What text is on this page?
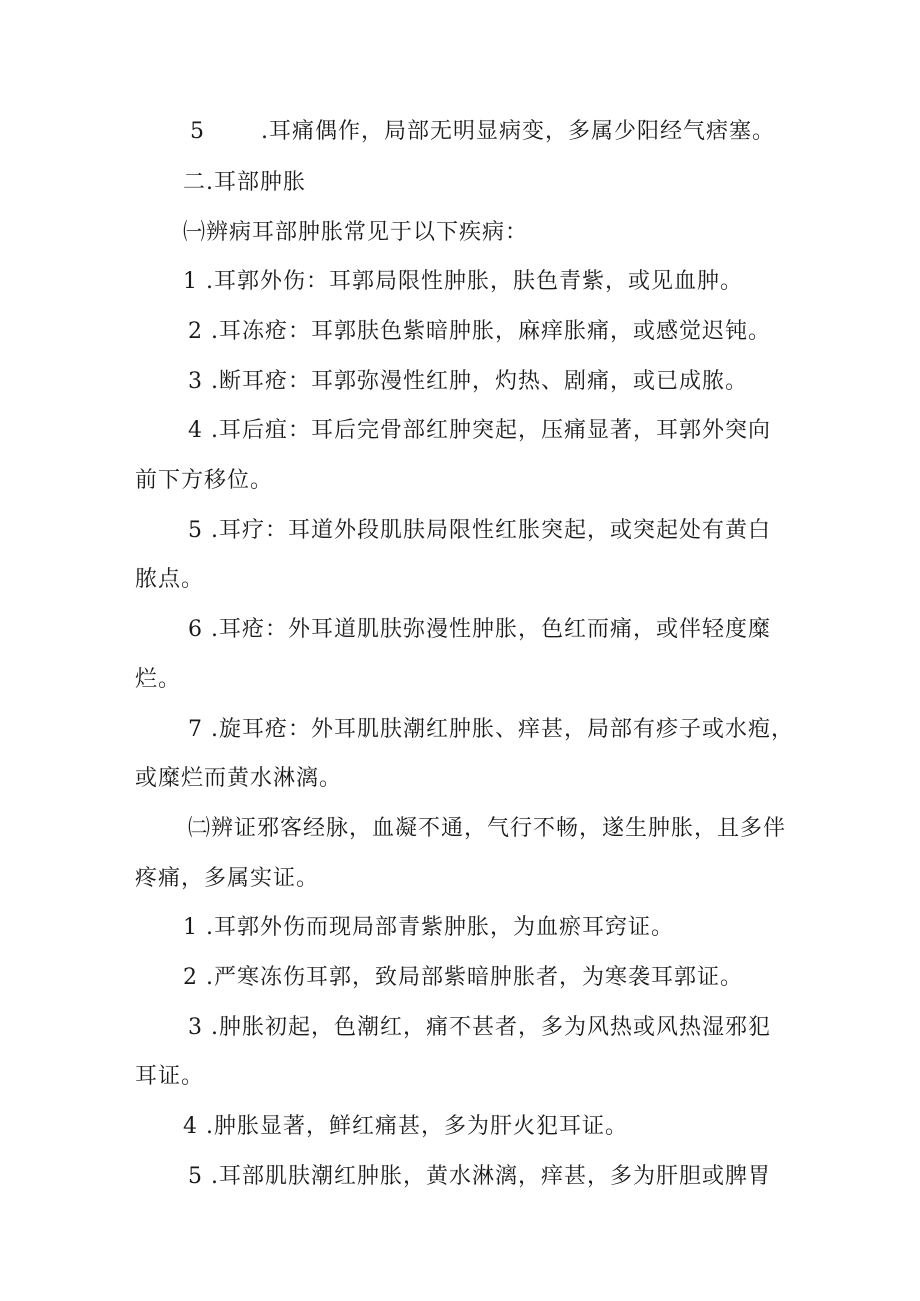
5	.耳痛偶作，局部无明显病变，多属少阳经气痞塞。
二.耳部肿胀
㈠辨病耳部肿胀常见于以下疾病：
1 .耳郭外伤：耳郭局限性肿胀，肤色青紫，或见血肿。
2 .耳冻疮：耳郭肤色紫暗肿胀，麻痒胀痛，或感觉迟钝。
3 .断耳疮：耳郭弥漫性红肿，灼热、剧痛，或已成脓。
4 .耳后疽：耳后完骨部红肿突起，压痛显著，耳郭外突向
前下方移位。
5 .耳疗：耳道外段肌肤局限性红胀突起，或突起处有黄白
脓点。
6 .耳疮：外耳道肌肤弥漫性肿胀，色红而痛，或伴轻度糜
烂。
7 .旋耳疮：外耳肌肤潮红肿胀、痒甚，局部有疹子或水疱，
或糜烂而黄水淋漓。
㈡辨证邪客经脉，血凝不通，气行不畅，遂生肿胀，且多伴
疼痛，多属实证。
1 .耳郭外伤而现局部青紫肿胀，为血瘀耳窍证。
2 .严寒冻伤耳郭，致局部紫暗肿胀者，为寒袭耳郭证。
3 .肿胀初起，色潮红，痛不甚者，多为风热或风热湿邪犯
耳证。
4 .肿胀显著，鲜红痛甚，多为肝火犯耳证。
5 .耳部肌肤潮红肿胀，黄水淋漓，痒甚，多为肝胆或脾胃
